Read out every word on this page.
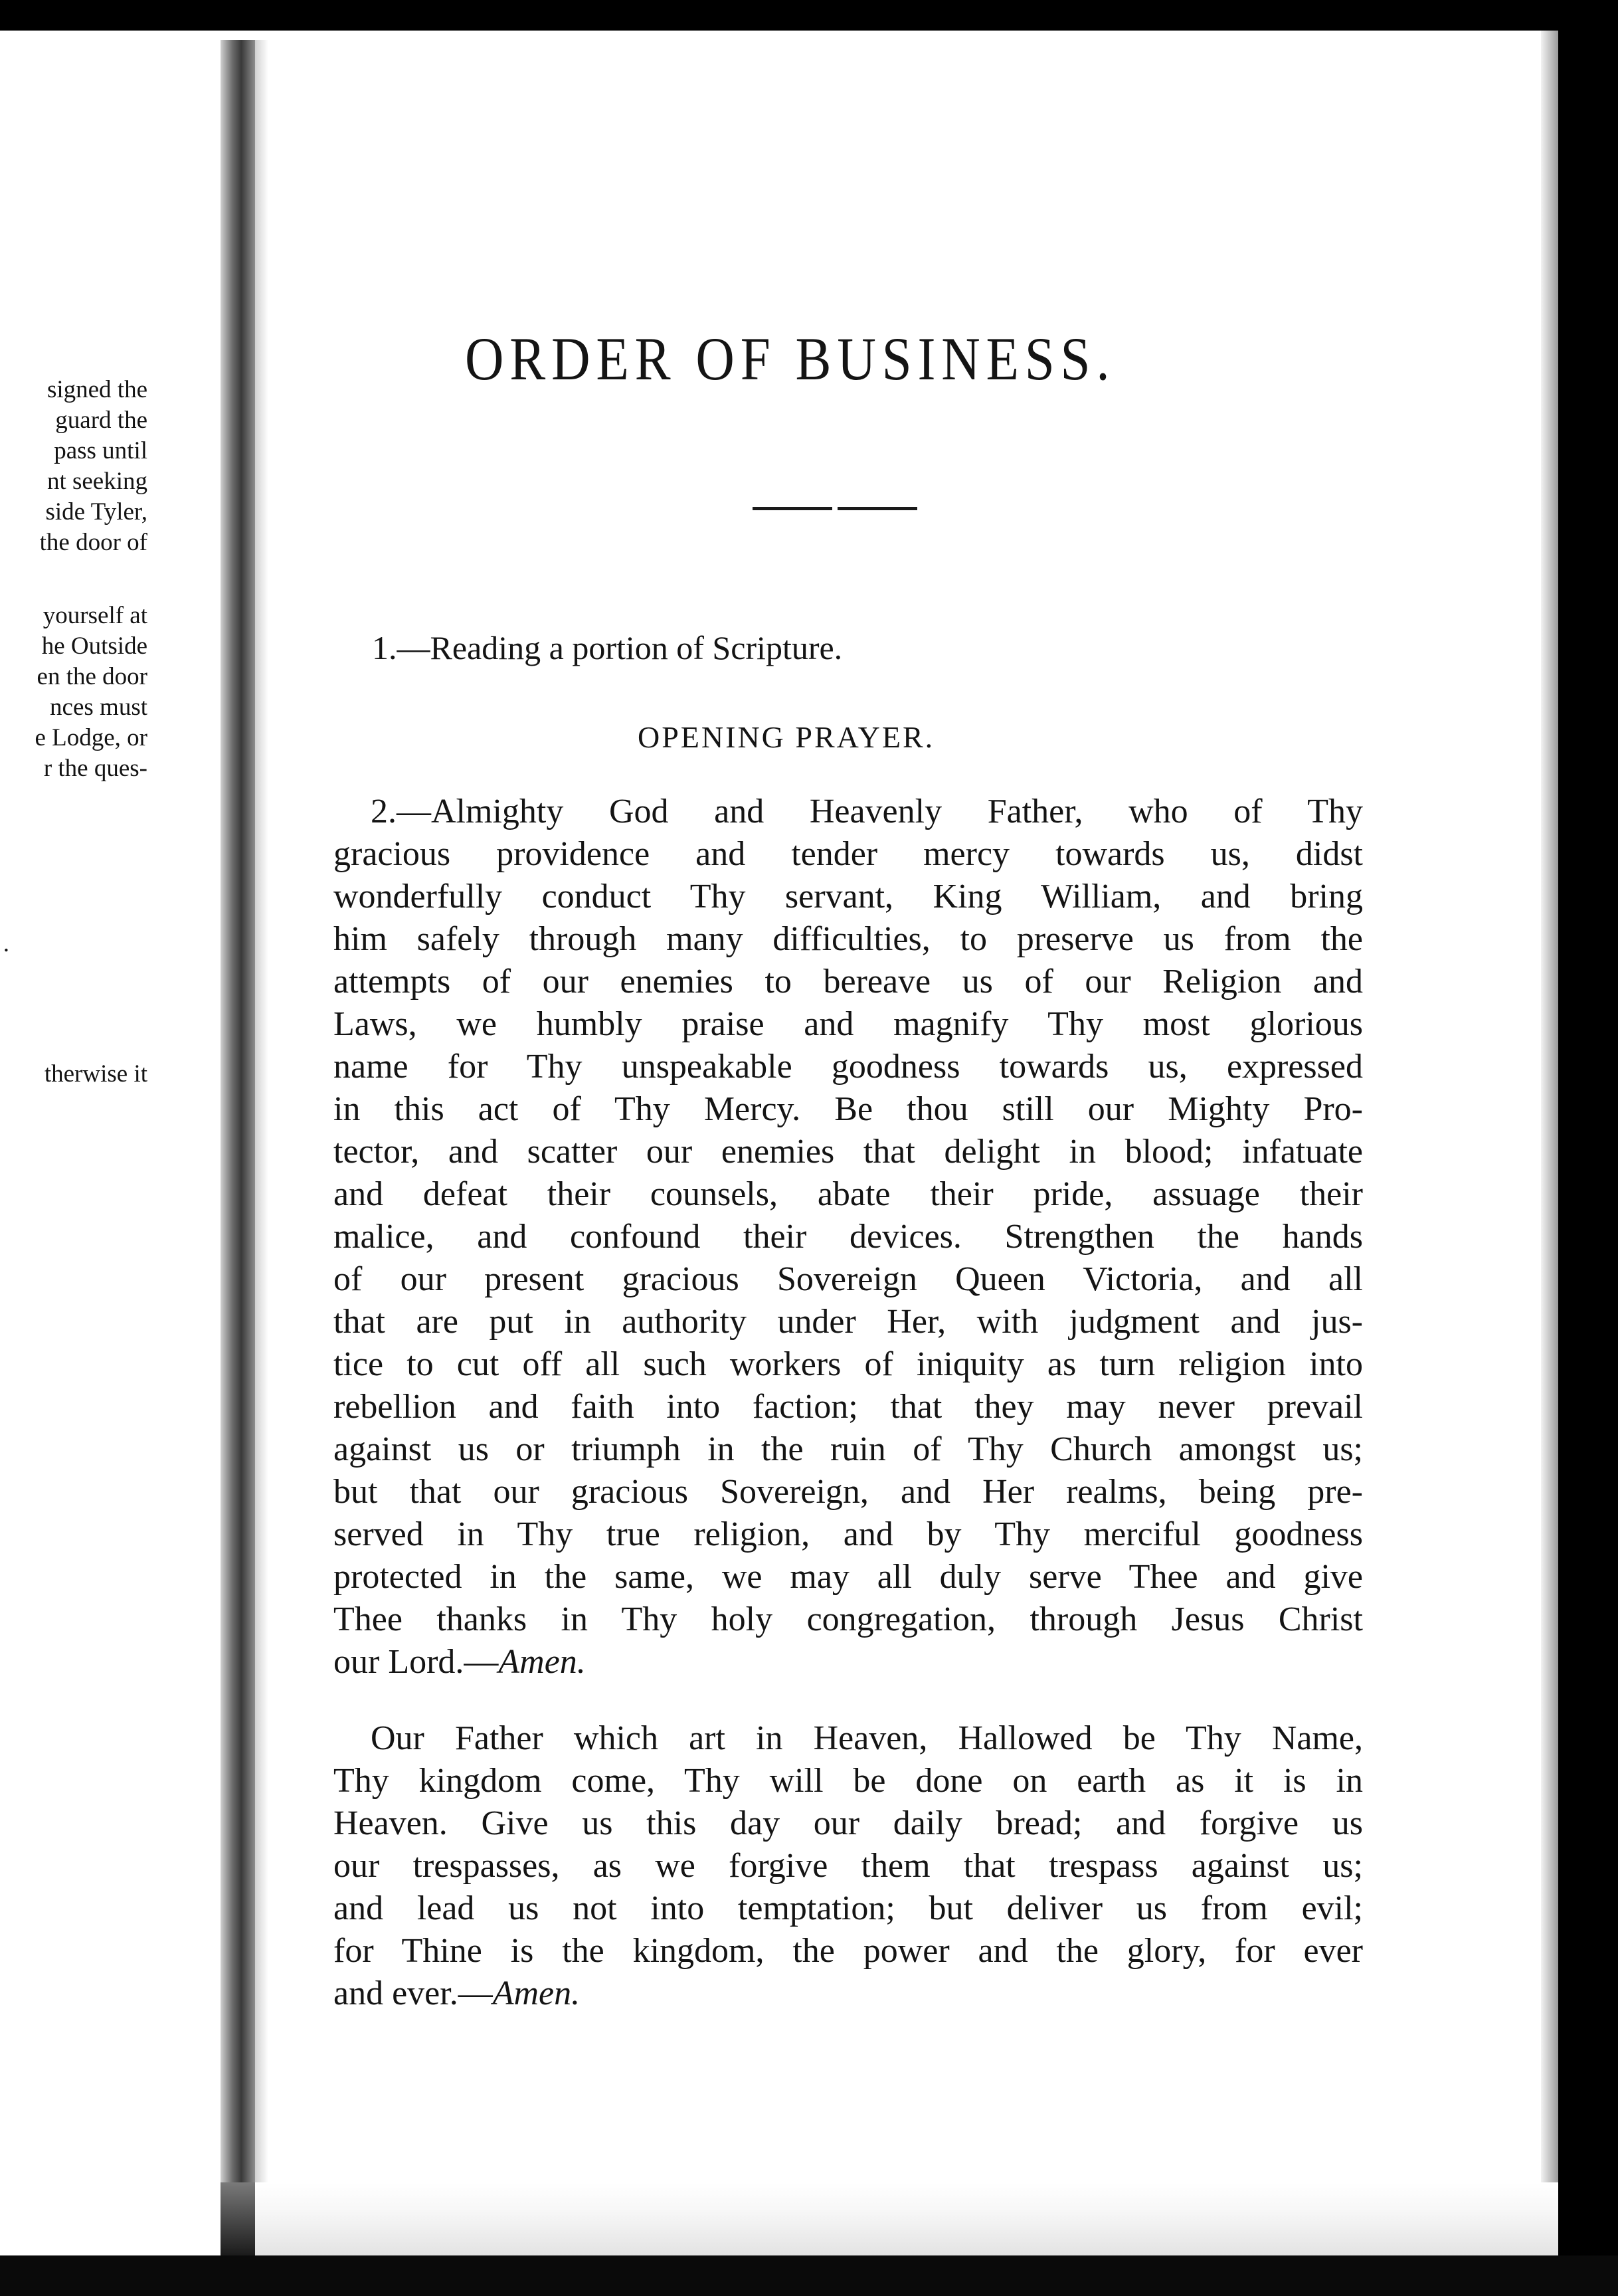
signed the
guard the
pass until
nt seeking
side Tyler,
the door of
yourself at
he Outside
en the door
nces must
e Lodge, or
r the ques-
.
therwise it
ORDER OF BUSINESS.
1.—Reading a portion of Scripture.
OPENING PRAYER.
2.—Almighty God and Heavenly Father, who of Thy
gracious providence and tender mercy towards us, didst
wonderfully conduct Thy servant, King William, and bring
him safely through many difficulties, to preserve us from the
attempts of our enemies to bereave us of our Religion and
Laws, we humbly praise and magnify Thy most glorious
name for Thy unspeakable goodness towards us, expressed
in this act of Thy Mercy. Be thou still our Mighty Pro-
tector, and scatter our enemies that delight in blood; infatuate
and defeat their counsels, abate their pride, assuage their
malice, and confound their devices. Strengthen the hands
of our present gracious Sovereign Queen Victoria, and all
that are put in authority under Her, with judgment and jus-
tice to cut off all such workers of iniquity as turn religion into
rebellion and faith into faction; that they may never prevail
against us or triumph in the ruin of Thy Church amongst us;
but that our gracious Sovereign, and Her realms, being pre-
served in Thy true religion, and by Thy merciful goodness
protected in the same, we may all duly serve Thee and give
Thee thanks in Thy holy congregation, through Jesus Christ
our Lord.—Amen.
Our Father which art in Heaven, Hallowed be Thy Name,
Thy kingdom come, Thy will be done on earth as it is in
Heaven. Give us this day our daily bread; and forgive us
our trespasses, as we forgive them that trespass against us;
and lead us not into temptation; but deliver us from evil;
for Thine is the kingdom, the power and the glory, for ever
and ever.—Amen.
